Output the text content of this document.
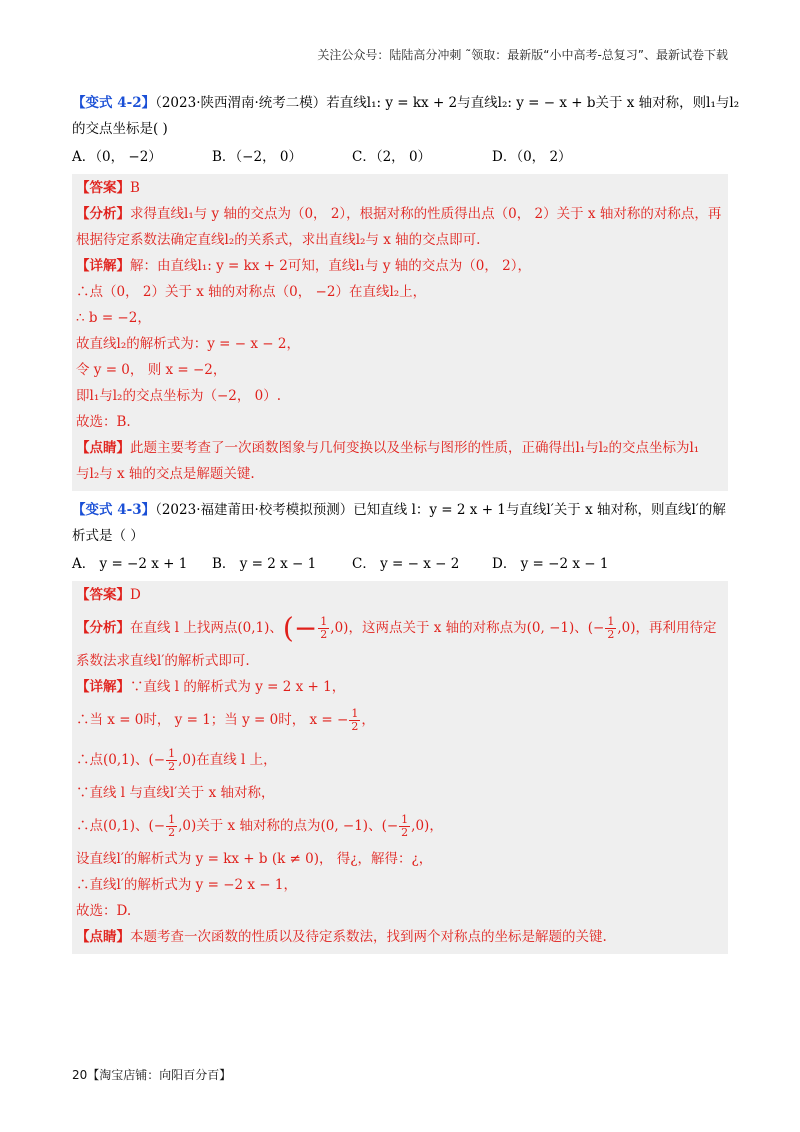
关注公众号：陆陆高分冲刺 ˜领取：最新版“小中高考-总复习”、最新试卷下载
【变式 4-2】（2023·陕西渭南·统考二模）若直线l₁: y = kx + 2与直线l₂: y = − x + b关于 x 轴对称，则l₁与l₂
的交点坐标是( )
A．（0， −2）	B．（−2， 0）	C．（2， 0）	D．（0， 2）
【答案】B
【分析】求得直线l₁与 y 轴的交点为（0， 2），根据对称的性质得出点（0， 2）关于 x 轴对称的对称点，再
根据待定系数法确定直线l₂的关系式，求出直线l₂与 x 轴的交点即可.
【详解】解：由直线l₁: y = kx + 2可知，直线l₁与 y 轴的交点为（0， 2），
∴点（0， 2）关于 x 轴的对称点（0， −2）在直线l₂上，
∴ b = −2，
故直线l₂的解析式为：y = − x − 2，
令 y = 0， 则 x = −2，
即l₁与l₂的交点坐标为（−2， 0）.
故选：B.
【点睛】此题主要考查了一次函数图象与几何变换以及坐标与图形的性质，正确得出l₁与l₂的交点坐标为l₁
与l₂与 x 轴的交点是解题关键.
【变式 4-3】（2023·福建莆田·校考模拟预测）已知直线 l：y = 2 x + 1与直线l′关于 x 轴对称，则直线l′的解
析式是（ ）
A． y = −2 x + 1	B． y = 2 x − 1	C． y = − x − 2	D． y = −2 x − 1
【答案】D
【分析】在直线 l 上找两点(0,1)、(− $\frac{1}{2} ,0$)，这两点关于 x 轴的对称点为(0, −1)、(− $\frac{1}{2} ,0$)，再利用待定
系数法求直线l′的解析式即可.
【详解】∵直线 l 的解析式为 y = 2 x + 1，
∴当 x = 0时， y = 1；当 y = 0时， x = − $\frac{1}{2}$ ，
∴点(0,1)、(− $\frac{1}{2} ,0$)在直线 l 上，
∵直线 l 与直线l′关于 x 轴对称，
∴点(0,1)、(− $\frac{1}{2} ,0$)关于 x 轴对称的点为(0, −1)、(− $\frac{1}{2} ,0$)，
设直线l′的解析式为 y = kx + b (k ≠ 0)， 得¿，解得：¿，
∴直线l′的解析式为 y = −2 x − 1，
故选：D.
【点睛】本题考查一次函数的性质以及待定系数法，找到两个对称点的坐标是解题的关键.
20【淘宝店铺：向阳百分百】
